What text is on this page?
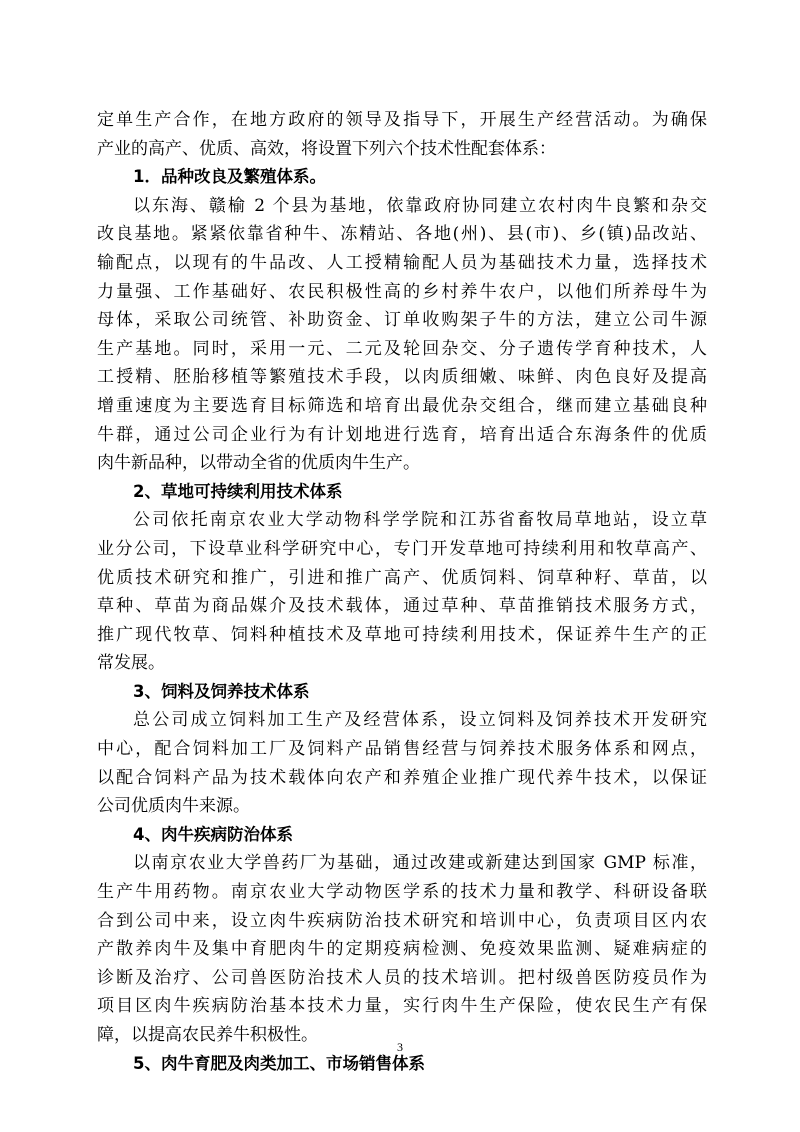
定单生产合作，在地方政府的领导及指导下，开展生产经营活动。为确保
产业的高产、优质、高效，将设置下列六个技术性配套体系：
1．品种改良及繁殖体系。
以东海、赣榆 2 个县为基地，依靠政府协同建立农村肉牛良繁和杂交
改良基地。紧紧依靠省种牛、冻精站、各地(州)、县(市)、乡(镇)品改站、
输配点，以现有的牛品改、人工授精输配人员为基础技术力量，选择技术
力量强、工作基础好、农民积极性高的乡村养牛农户，以他们所养母牛为
母体，采取公司统管、补助资金、订单收购架子牛的方法，建立公司牛源
生产基地。同时，采用一元、二元及轮回杂交、分子遗传学育种技术，人
工授精、胚胎移植等繁殖技术手段，以肉质细嫩、味鲜、肉色良好及提高
增重速度为主要选育目标筛选和培育出最优杂交组合，继而建立基础良种
牛群，通过公司企业行为有计划地进行选育，培育出适合东海条件的优质
肉牛新品种，以带动全省的优质肉牛生产。
2、草地可持续利用技术体系
公司依托南京农业大学动物科学学院和江苏省畜牧局草地站，设立草
业分公司，下设草业科学研究中心，专门开发草地可持续利用和牧草高产、
优质技术研究和推广，引进和推广高产、优质饲料、饲草种籽、草苗，以
草种、草苗为商品媒介及技术载体，通过草种、草苗推销技术服务方式，
推广现代牧草、饲料种植技术及草地可持续利用技术，保证养牛生产的正
常发展。
3、饲料及饲养技术体系
总公司成立饲料加工生产及经营体系，设立饲料及饲养技术开发研究
中心，配合饲料加工厂及饲料产品销售经营与饲养技术服务体系和网点，
以配合饲料产品为技术载体向农产和养殖企业推广现代养牛技术，以保证
公司优质肉牛来源。
4、肉牛疾病防治体系
以南京农业大学兽药厂为基础，通过改建或新建达到国家 GMP 标准，
生产牛用药物。南京农业大学动物医学系的技术力量和教学、科研设备联
合到公司中来，设立肉牛疾病防治技术研究和培训中心，负责项目区内农
产散养肉牛及集中育肥肉牛的定期疫病检测、免疫效果监测、疑难病症的
诊断及治疗、公司兽医防治技术人员的技术培训。把村级兽医防疫员作为
项目区肉牛疾病防治基本技术力量，实行肉牛生产保险，使农民生产有保
障，以提高农民养牛积极性。
5、肉牛育肥及肉类加工、市场销售体系
3
